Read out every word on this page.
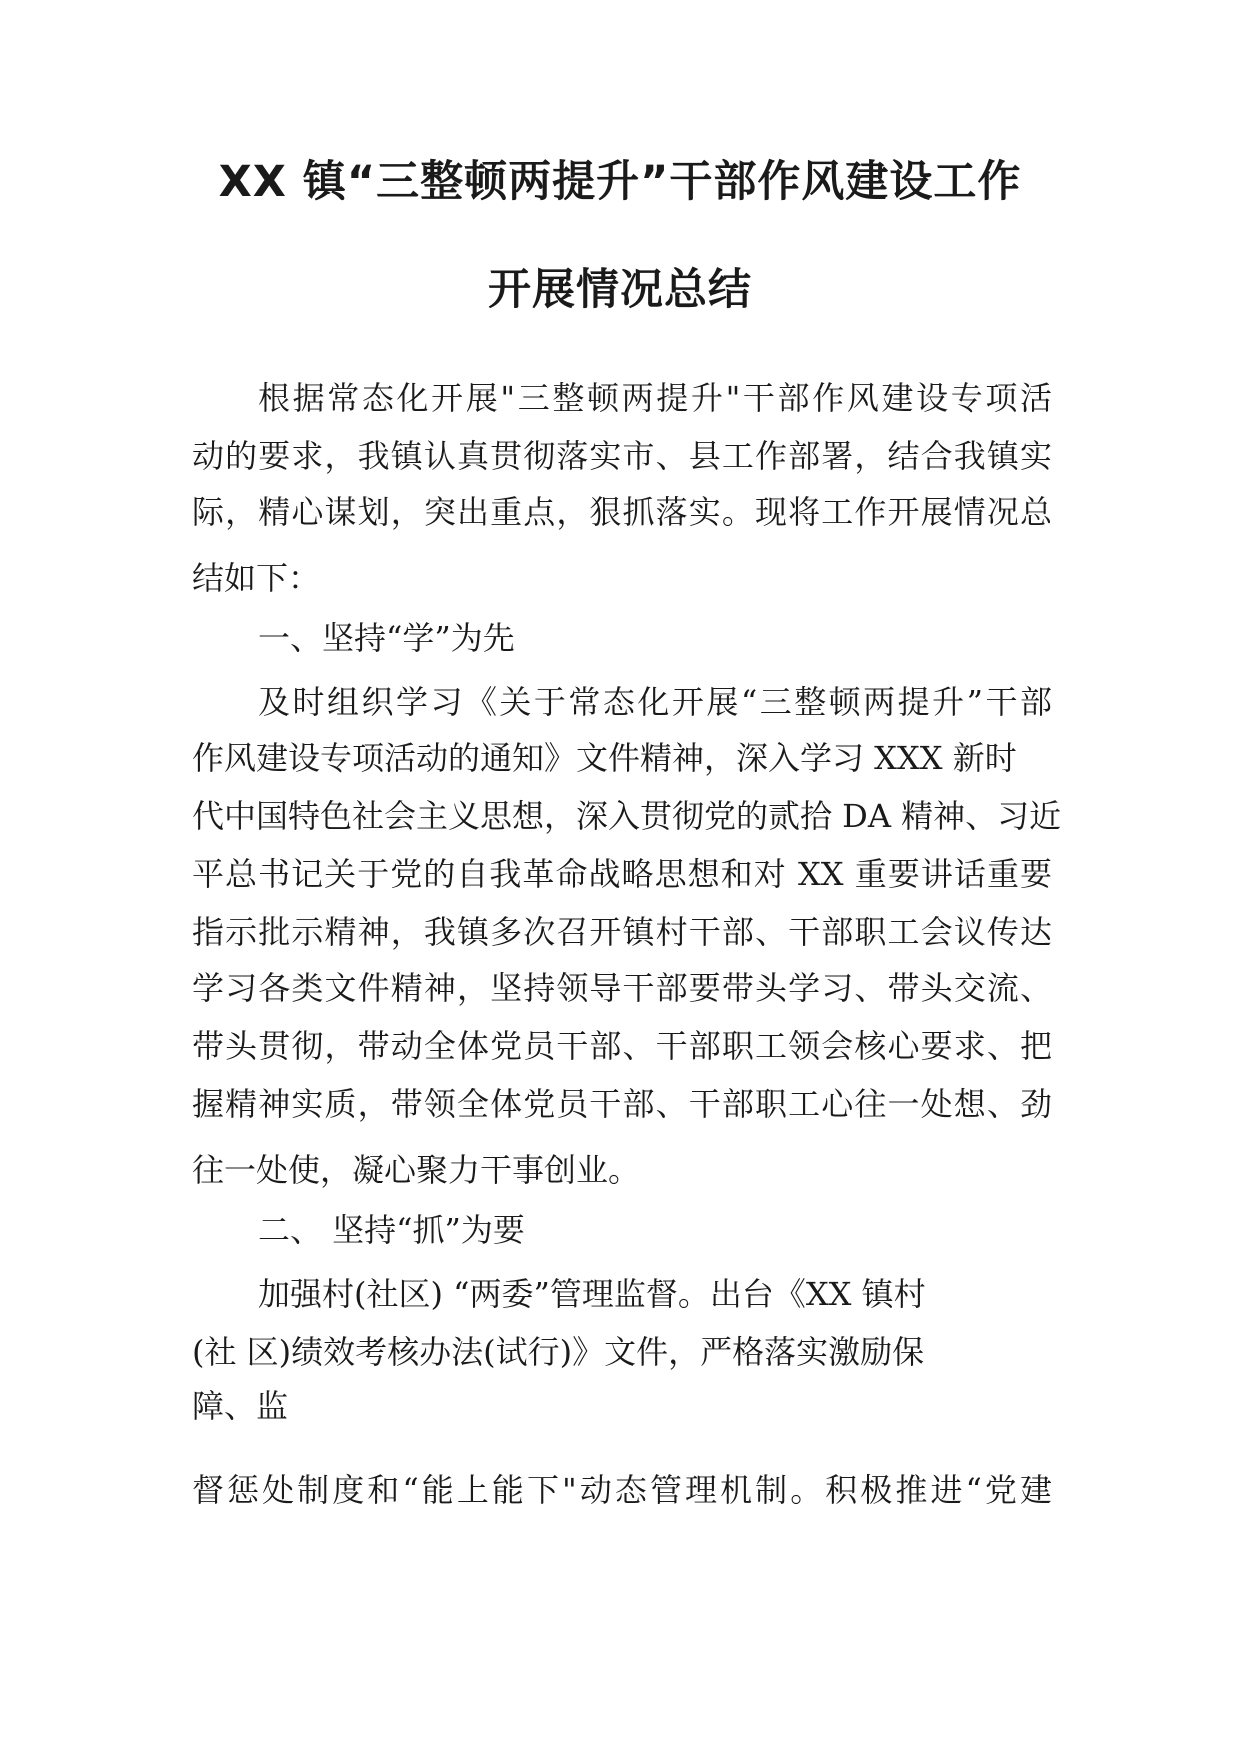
XX 镇“三整顿两提升”干部作风建设工作
开展情况总结

根据常态化开展"三整顿两提升"干部作风建设专项活

动的要求，我镇认真贯彻落实市、县工作部署，结合我镇实

际，精心谋划，突出重点，狠抓落实。现将工作开展情况总

结如下：

一、坚持“学”为先

及时组织学习《关于常态化开展“三整顿两提升”干部

作风建设专项活动的通知》文件精神，深入学习 XXX 新时

代中国特色社会主义思想，深入贯彻党的贰拾 DA 精神、习近

平总书记关于党的自我革命战略思想和对 XX 重要讲话重要

指示批示精神，我镇多次召开镇村干部、干部职工会议传达

学习各类文件精神，坚持领导干部要带头学习、带头交流、

带头贯彻，带动全体党员干部、干部职工领会核心要求、把

握精神实质，带领全体党员干部、干部职工心往一处想、劲

往一处使，凝心聚力干事创业。

二、 坚持“抓”为要

加强村(社区) “两委”管理监督。出台《XX 镇村

(社 区)绩效考核办法(试行)》文件，严格落实激励保

障、监

督惩处制度和“能上能下"动态管理机制。积极推进“党建
